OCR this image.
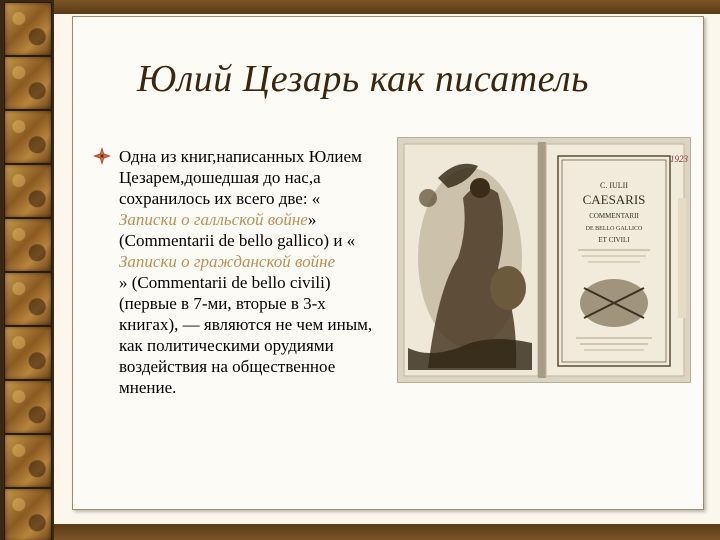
Юлий Цезарь как писатель
Одна из книг,написанных Юлием Цезарем,дошедшая до нас,а сохранилось их всего две: «
Записки о галльской войне» (Commentarii de bello gallico) и «
Записки о гражданской войне
» (Commentarii de bello civili) (первые в 7-ми, вторые в 3-х книгах), — являются не чем иным, как политическими орудиями воздействия на общественное мнение.
C. IULII
CAESARIS
COMMENTARII
DE BELLO GALLICO
ET CIVILI
1923
